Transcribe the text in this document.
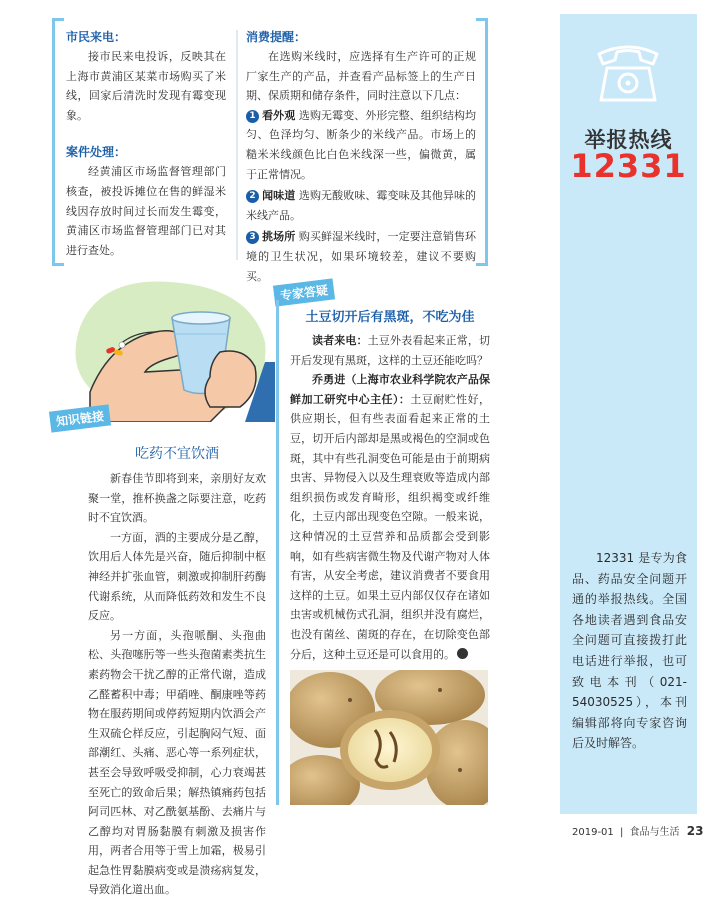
市民来电：

接市民来电投诉，反映其在上海市黄浦区某菜市场购买了米线，回家后清洗时发现有霉变现象。

案件处理：

经黄浦区市场监督管理部门核查，被投诉摊位在售的鲜湿米线因存放时间过长而发生霉变，黄浦区市场监督管理部门已对其进行查处。

消费提醒：

在选购米线时，应选择有生产许可的正规厂家生产的产品，并查看产品标签上的生产日期、保质期和储存条件，同时注意以下几点：

1 看外观 选购无霉变、外形完整、组织结构均匀、色泽均匀、断条少的米线产品。市场上的糙米米线颜色比白色米线深一些，偏微黄，属于正常情况。

2 闻味道 选购无酸败味、霉变味及其他异味的米线产品。

3 挑场所 购买鲜湿米线时，一定要注意销售环境的卫生状况，如果环境较差，建议不要购买。

知识链接
吃药不宜饮酒

新春佳节即将到来，亲朋好友欢聚一堂，推杯换盏之际要注意，吃药时不宜饮酒。

一方面，酒的主要成分是乙醇，饮用后人体先是兴奋，随后抑制中枢神经并扩张血管，刺激或抑制肝药酶代谢系统，从而降低药效和发生不良反应。

另一方面，头孢哌酮、头孢曲松、头孢噻肟等一些头孢菌素类抗生素药物会干扰乙醇的正常代谢，造成乙醛蓄积中毒；甲硝唑、酮康唑等药物在服药期间或停药短期内饮酒会产生双硫仑样反应，引起胸闷气短、面部潮红、头痛、恶心等一系列症状，甚至会导致呼吸受抑制，心力衰竭甚至死亡的致命后果；解热镇痛药包括阿司匹林、对乙酰氨基酚、去痛片与乙醇均对胃肠黏膜有刺激及损害作用，两者合用等于雪上加霜，极易引起急性胃黏膜病变或是溃疡病复发，导致消化道出血。

专家答疑
土豆切开后有黑斑，不吃为佳

读者来电：土豆外表看起来正常，切开后发现有黑斑，这样的土豆还能吃吗？

乔勇进（上海市农业科学院农产品保鲜加工研究中心主任）：土豆耐贮性好，供应期长，但有些表面看起来正常的土豆，切开后内部却是黑或褐色的空洞或色斑，其中有些孔洞变色可能是由于前期病虫害、异物侵入以及生理衰败等造成内部组织损伤或发育畸形，组织褐变或纤维化，土豆内部出现变色空隙。一般来说，这种情况的土豆营养和品质都会受到影响，如有些病害微生物及代谢产物对人体有害，从安全考虑，建议消费者不要食用这样的土豆。如果土豆内部仅仅存在诸如虫害或机械伤式孔洞，组织并没有腐烂，也没有菌丝、菌斑的存在，在切除变色部分后，这种土豆还是可以食用的。

举报热线
12331
12331 是专为食品、药品安全问题开通的举报热线。全国各地读者遇到食品安全问题可直接拨打此电话进行举报，也可致电本刊（021-54030525），本刊编辑部将向专家咨询后及时解答。
2019-01 | 食品与生活 23
